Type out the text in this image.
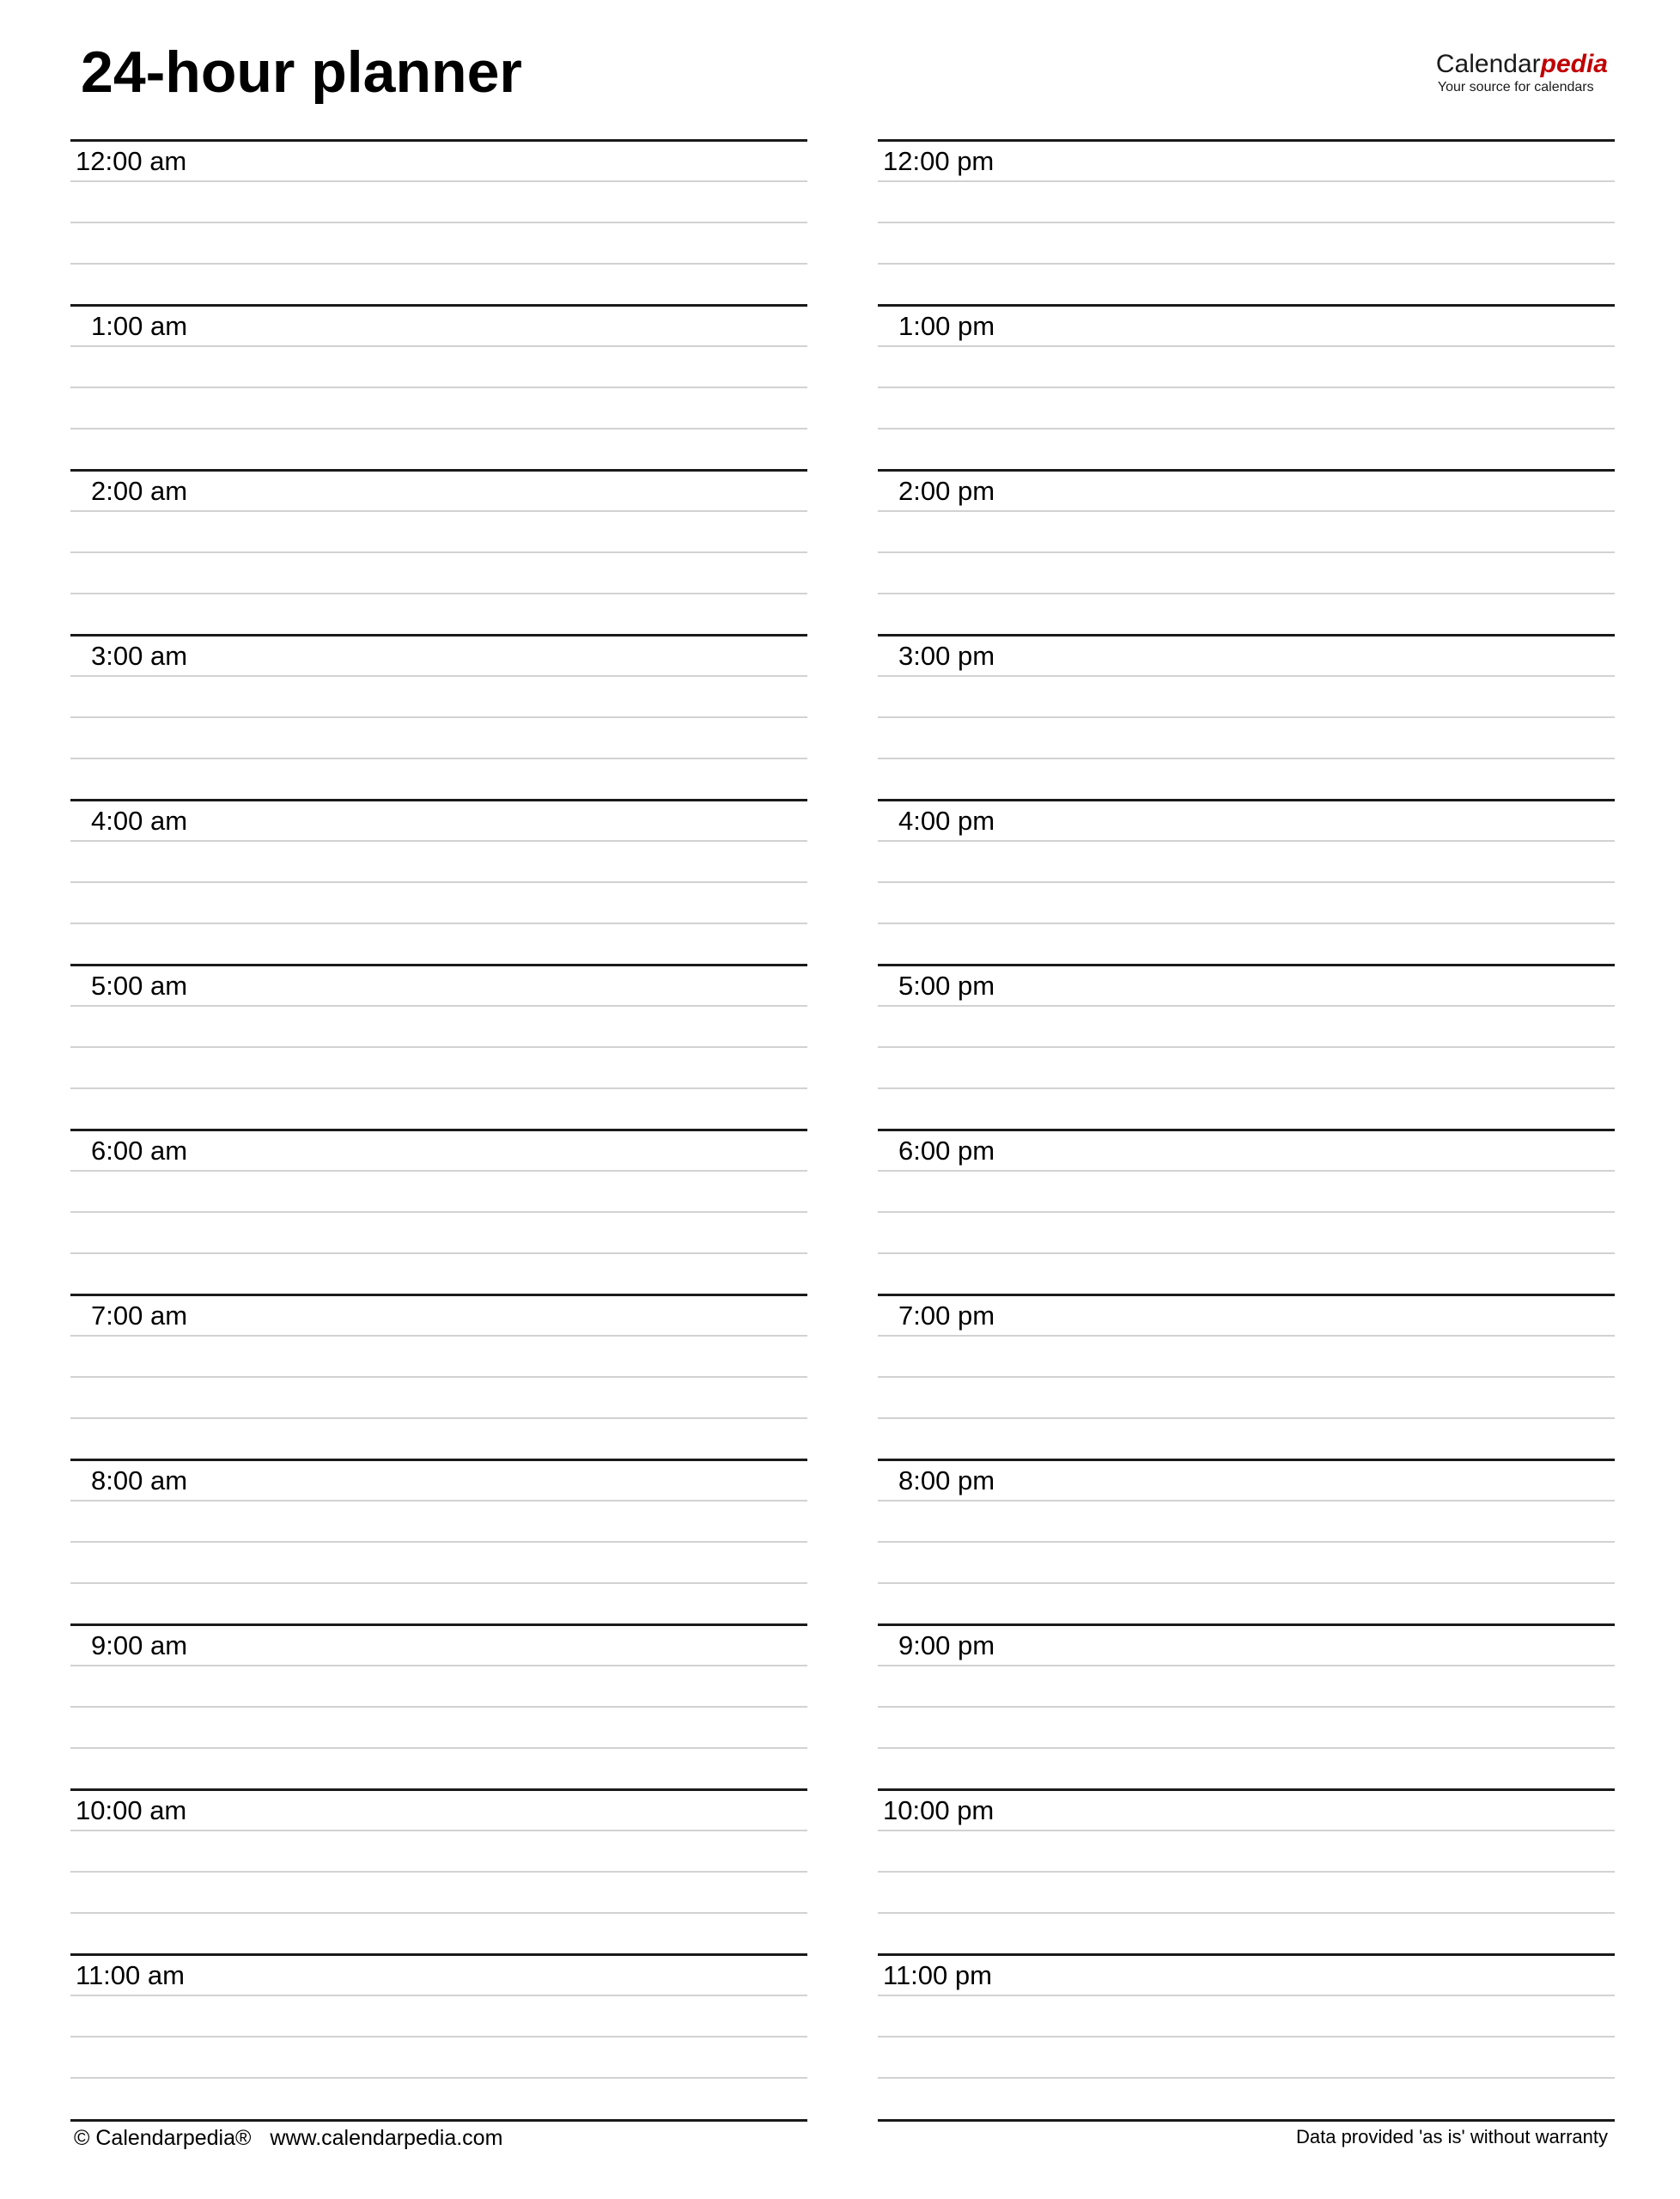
24-hour planner	Calendarpedia
Your source for calendars
12:00 am
1:00 am
2:00 am
3:00 am
4:00 am
5:00 am
6:00 am
7:00 am
8:00 am
9:00 am
10:00 am
11:00 am
12:00 pm
1:00 pm
2:00 pm
3:00 pm
4:00 pm
5:00 pm
6:00 pm
7:00 pm
8:00 pm
9:00 pm
10:00 pm
11:00 pm
© Calendarpedia® www.calendarpedia.com	Data provided 'as is' without warranty
